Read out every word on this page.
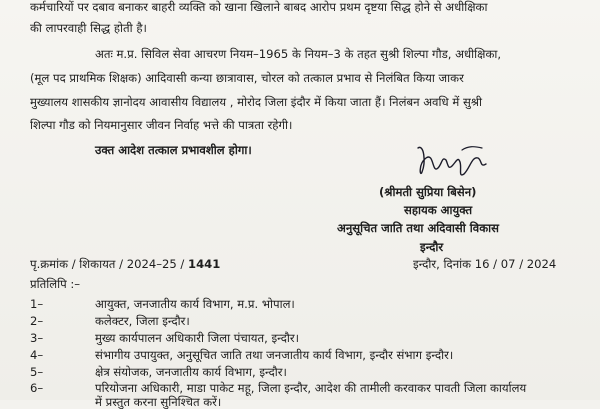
कर्मचारियों पर दबाव बनाकर बाहरी व्यक्ति को खाना खिलाने बाबद आरोप प्रथम दृष्टया सिद्ध होने से अधीक्षिका
की लापरवाही सिद्ध होती है।
अतः म.प्र. सिविल सेवा आचरण नियम–1965 के नियम–3 के तहत सुश्री शिल्पा गौड, अधीक्षिका,
(मूल पद प्राथमिक शिक्षक) आदिवासी कन्या छात्रावास, चोरल को तत्काल प्रभाव से निलंबित किया जाकर
मुख्यालय शासकीय ज्ञानोदय आवासीय विद्यालय , मोरोद जिला इंदौर में किया जाता हैं। निलंबन अवधि में सुश्री
शिल्पा गौड को नियमानुसार जीवन निर्वाह भत्ते की पात्रता रहेगी।
उक्त आदेश तत्काल प्रभावशील होगा।
(श्रीमती सुप्रिया बिसेन)
सहायक आयुक्त
अनुसूचित जाति तथा अदिवासी विकास
इन्दौर
पृ.क्रमांक / शिकायत / 2024–25 / 1441	इन्दौर, दिनांक 16 / 07 / 2024
प्रतिलिपि :–
1–	आयुक्त, जनजातीय कार्य विभाग, म.प्र. भोपाल।
2–	कलेक्टर, जिला इन्दौर।
3–	मुख्य कार्यपालन अधिकारी जिला पंचायत, इन्दौर।
4–	संभागीय उपायुक्त, अनुसूचित जाति तथा जनजातीय कार्य विभाग, इन्दौर संभाग इन्दौर।
5–	क्षेत्र संयोजक, जनजातीय कार्य विभाग, इन्दौर।
6–	परियोजना अधिकारी, माडा पाकेट महू, जिला इन्दौर, आदेश की तामीली करवाकर पावती जिला कार्यालय
में प्रस्तुत करना सुनिश्चित करें।
